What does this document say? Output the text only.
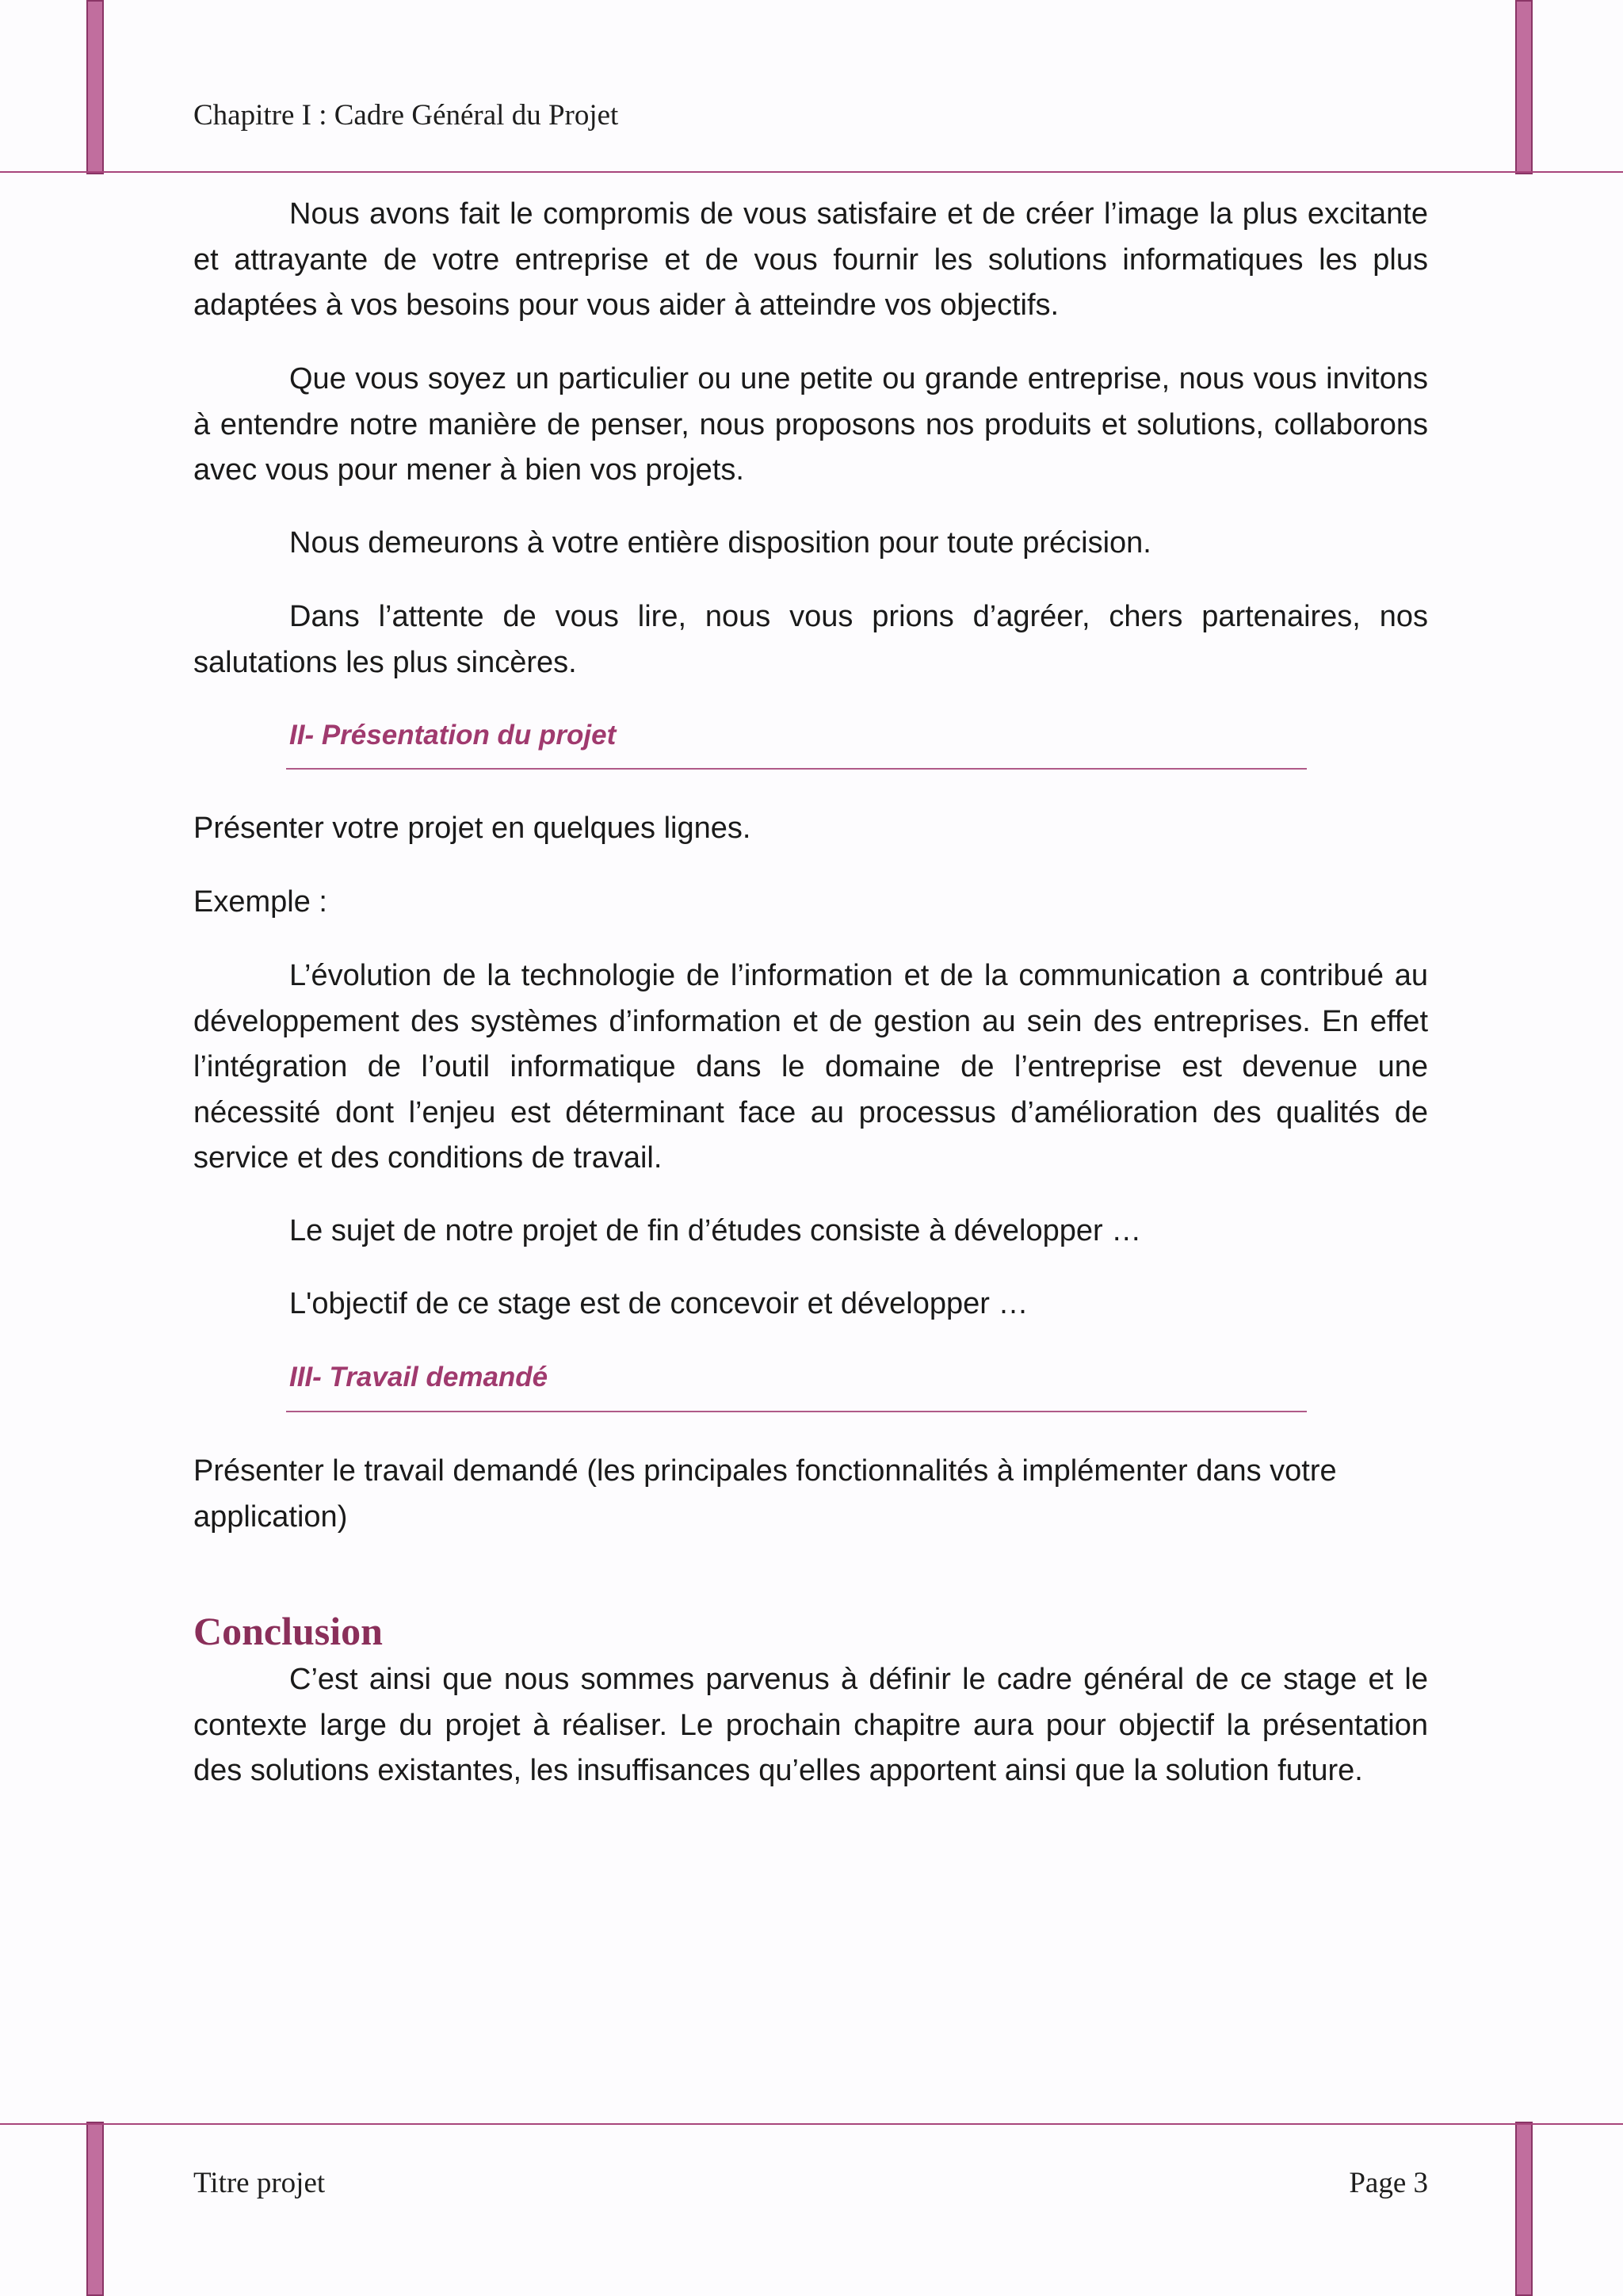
Chapitre I : Cadre Général du Projet

Nous avons fait le compromis de vous satisfaire et de créer l’image la plus excitante et attrayante de votre entreprise et de vous fournir les solutions informatiques les plus adaptées à vos besoins pour vous aider à atteindre vos objectifs.

Que vous soyez un particulier ou une petite ou grande entreprise, nous vous invitons à entendre notre manière de penser, nous proposons nos produits et solutions, collaborons avec vous pour mener à bien vos projets.

Nous demeurons à votre entière disposition pour toute précision.

Dans l’attente de vous lire, nous vous prions d’agréer, chers partenaires, nos salutations les plus sincères.

II- Présentation du projet

Présenter votre projet en quelques lignes.

Exemple :

L’évolution de la technologie de l’information et de la communication a contribué au développement des systèmes d’information et de gestion au sein des entreprises. En effet l’intégration de l’outil informatique dans le domaine de l’entreprise est devenue une nécessité dont l’enjeu est déterminant face au processus d’amélioration des qualités de service et des conditions de travail.

Le sujet de notre projet de fin d’études consiste à développer …

L'objectif de ce stage est de concevoir et développer …

III- Travail demandé

Présenter le travail demandé (les principales fonctionnalités à implémenter dans votre application)

Conclusion

C’est ainsi que nous sommes parvenus à définir le cadre général de ce stage et le contexte large du projet à réaliser. Le prochain chapitre aura pour objectif la présentation des solutions existantes, les insuffisances qu’elles apportent ainsi que la solution future.

Titre projet	Page 3
